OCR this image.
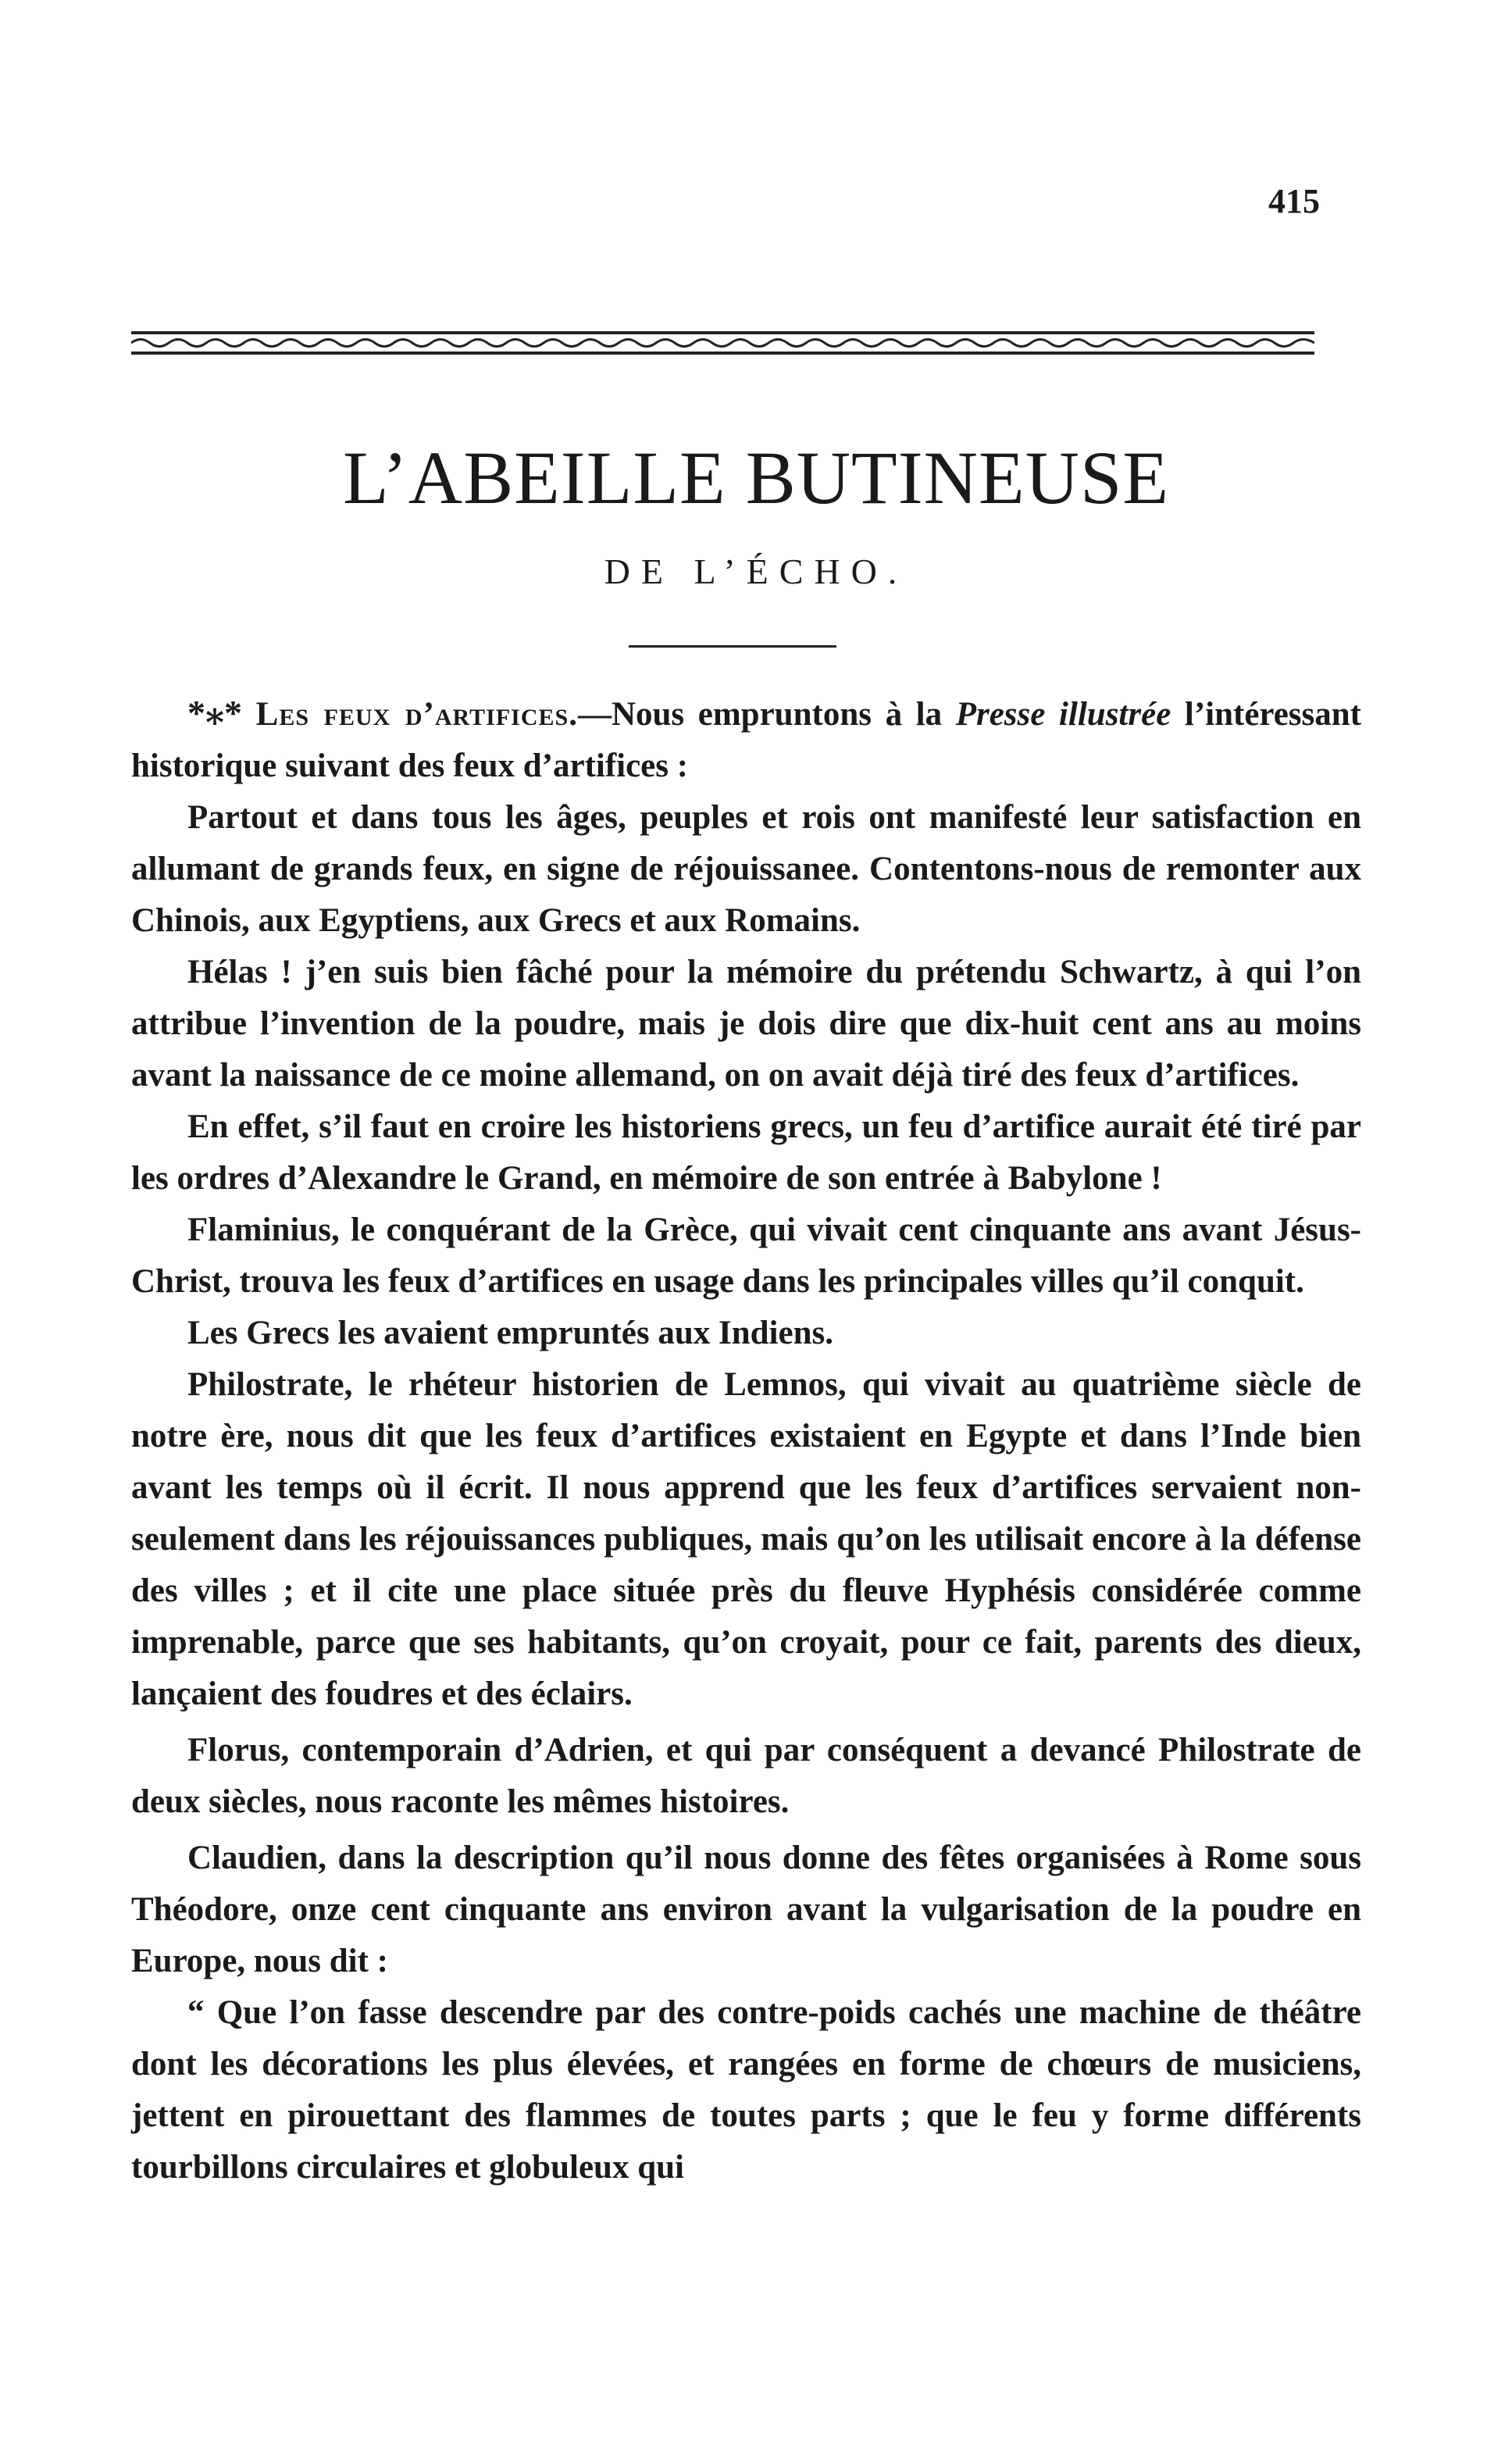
415
L’ABEILLE BUTINEUSE
DE L’ÉCHO.

*⁎* Les feux d’artifices.—Nous empruntons à la Presse illustrée l’intéressant historique suivant des feux d’artifices :

Partout et dans tous les âges, peuples et rois ont manifesté leur satisfaction en allumant de grands feux, en signe de réjouissanee. Contentons-nous de remonter aux Chinois, aux Egyptiens, aux Grecs et aux Romains.

Hélas ! j’en suis bien fâché pour la mémoire du prétendu Schwartz, à qui l’on attribue l’invention de la poudre, mais je dois dire que dix-huit cent ans au moins avant la naissance de ce moine allemand, on on avait déjà tiré des feux d’artifices.

En effet, s’il faut en croire les historiens grecs, un feu d’artifice aurait été tiré par les ordres d’Alexandre le Grand, en mémoire de son entrée à Babylone !

Flaminius, le conquérant de la Grèce, qui vivait cent cinquante ans avant Jésus-Christ, trouva les feux d’artifices en usage dans les principales villes qu’il conquit.

Les Grecs les avaient empruntés aux Indiens.

Philostrate, le rhéteur historien de Lemnos, qui vivait au quatrième siècle de notre ère, nous dit que les feux d’artifices existaient en Egypte et dans l’Inde bien avant les temps où il écrit. Il nous apprend que les feux d’artifices servaient non-seulement dans les réjouissances publiques, mais qu’on les utilisait encore à la défense des villes ; et il cite une place située près du fleuve Hyphésis considérée comme imprenable, parce que ses habitants, qu’on croyait, pour ce fait, parents des dieux, lançaient des foudres et des éclairs.

Florus, contemporain d’Adrien, et qui par conséquent a devancé Philostrate de deux siècles, nous raconte les mêmes histoires.

Claudien, dans la description qu’il nous donne des fêtes organisées à Rome sous Théodore, onze cent cinquante ans environ avant la vulgarisation de la poudre en Europe, nous dit :

“ Que l’on fasse descendre par des contre-poids cachés une machine de théâtre dont les décorations les plus élevées, et rangées en forme de chœurs de musiciens, jettent en pirouettant des flammes de toutes parts ; que le feu y forme différents tourbillons circulaires et globuleux qui
